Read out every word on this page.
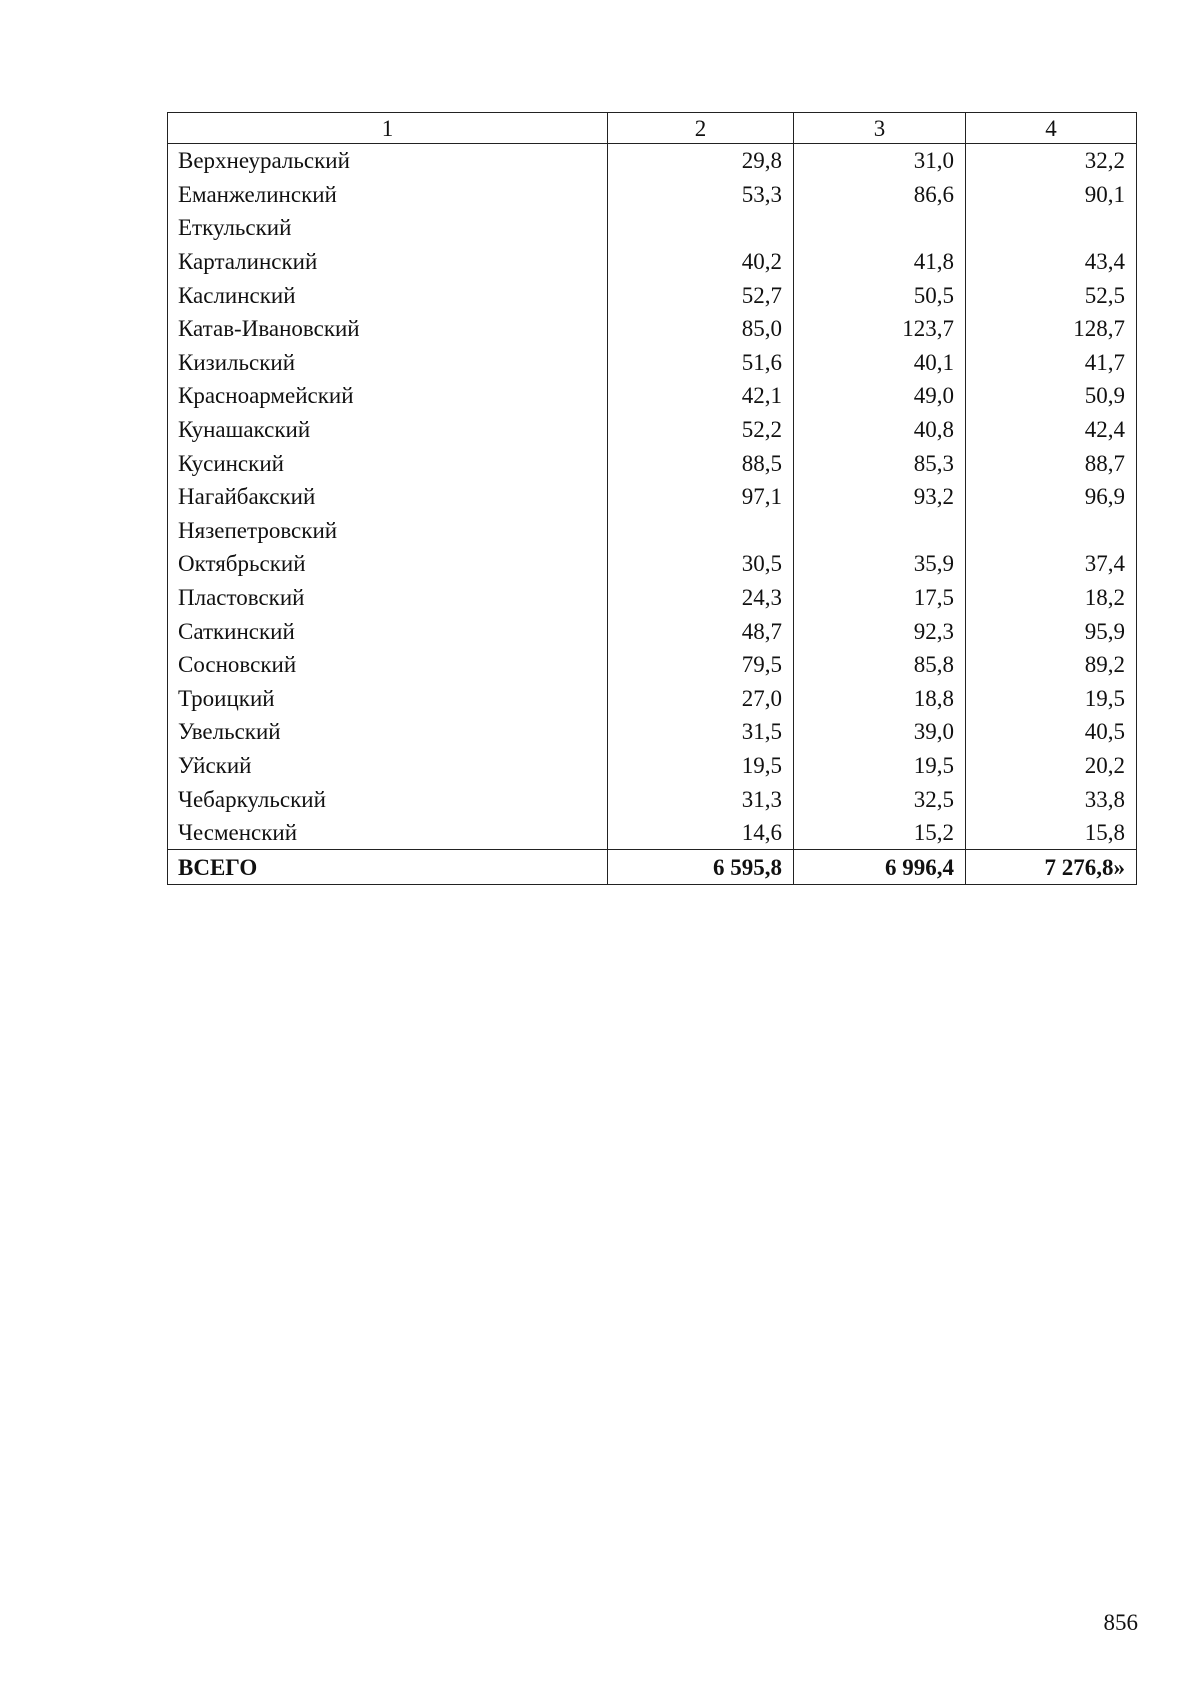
1	2	3	4
Верхнеуральский	29,8	31,0	32,2
Еманжелинский	53,3	86,6	90,1
Еткульский			
Карталинский	40,2	41,8	43,4
Каслинский	52,7	50,5	52,5
Катав-Ивановский	85,0	123,7	128,7
Кизильский	51,6	40,1	41,7
Красноармейский	42,1	49,0	50,9
Кунашакский	52,2	40,8	42,4
Кусинский	88,5	85,3	88,7
Нагайбакский	97,1	93,2	96,9
Нязепетровский			
Октябрьский	30,5	35,9	37,4
Пластовский	24,3	17,5	18,2
Саткинский	48,7	92,3	95,9
Сосновский	79,5	85,8	89,2
Троицкий	27,0	18,8	19,5
Увельский	31,5	39,0	40,5
Уйский	19,5	19,5	20,2
Чебаркульский	31,3	32,5	33,8
Чесменский	14,6	15,2	15,8
ВСЕГО	6 595,8	6 996,4	7 276,8»
856
